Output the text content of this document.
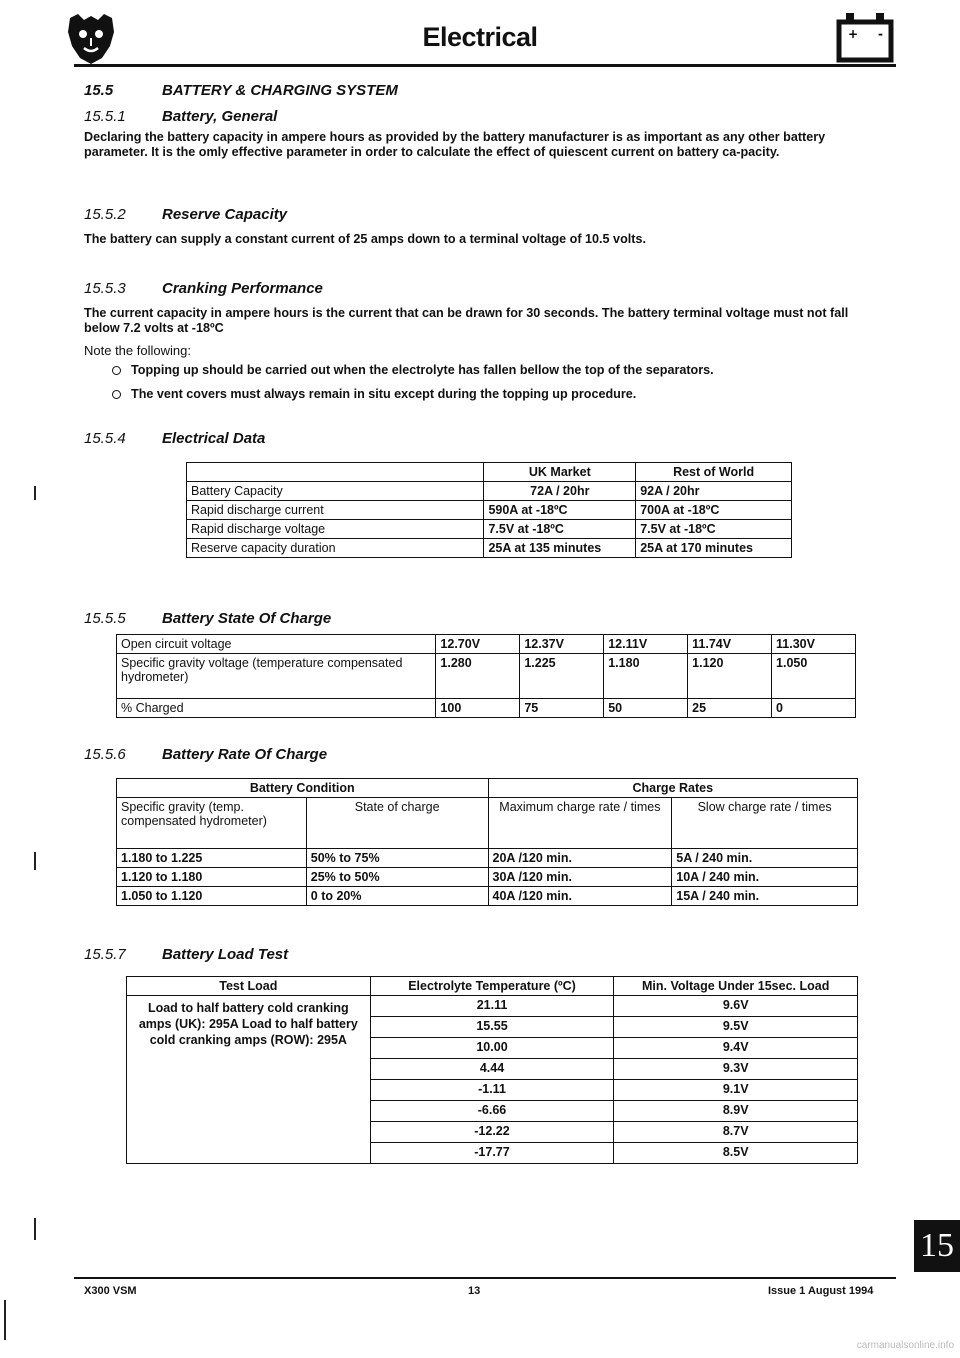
Electrical	+ -
15.5	BATTERY & CHARGING SYSTEM
15.5.1 Battery, General
Declaring the battery capacity in ampere hours as provided by the battery manufacturer is as important as any other battery parameter. It is the omly effective parameter in order to calculate the effect of quiescent current on battery ca-pacity.
15.5.2 Reserve Capacity
The battery can supply a constant current of 25 amps down to a terminal voltage of 10.5 volts.
15.5.3 Cranking Performance
The current capacity in ampere hours is the current that can be drawn for 30 seconds. The battery terminal voltage must not fall below 7.2 volts at -18ºC
Note the following:
Topping up should be carried out when the electrolyte has fallen bellow the top of the separators.
The vent covers must always remain in situ except during the topping up procedure.
15.5.4 Electrical Data
	UK Market	Rest of World
Battery Capacity	72A / 20hr	92A / 20hr
Rapid discharge current	590A at -18ºC	700A at -18ºC
Rapid discharge voltage	7.5V at -18ºC	7.5V at -18ºC
Reserve capacity duration	25A at 135 minutes	25A at 170 minutes
15.5.5 Battery State Of Charge
Open circuit voltage	12.70V	12.37V	12.11V	11.74V	11.30V
Specific gravity voltage (temperature compensated hydrometer)	1.280	1.225	1.180	1.120	1.050
% Charged	100	75	50	25	0
15.5.6 Battery Rate Of Charge
Battery Condition		Charge Rates	
Specific gravity (temp. compensated hydrometer)	State of charge	Maximum charge rate / times	Slow charge rate / times
1.180 to 1.225	50% to 75%	20A /120 min.	5A / 240 min.
1.120 to 1.180	25% to 50%	30A /120 min.	10A / 240 min.
1.050 to 1.120	0 to 20%	40A /120 min.	15A / 240 min.
15.5.7 Battery Load Test
Test Load	Electrolyte Temperature (ºC)	Min. Voltage Under 15sec. Load
Load to half battery cold cranking amps (UK): 295A Load to half battery cold cranking amps (ROW): 295A	21.11	9.6V
	15.55	9.5V
	10.00	9.4V
	4.44	9.3V
	-1.11	9.1V
	-6.66	8.9V
	-12.22	8.7V
	-17.77	8.5V
15
X300 VSM	13	Issue 1 August 1994
carmanualsonline.info
